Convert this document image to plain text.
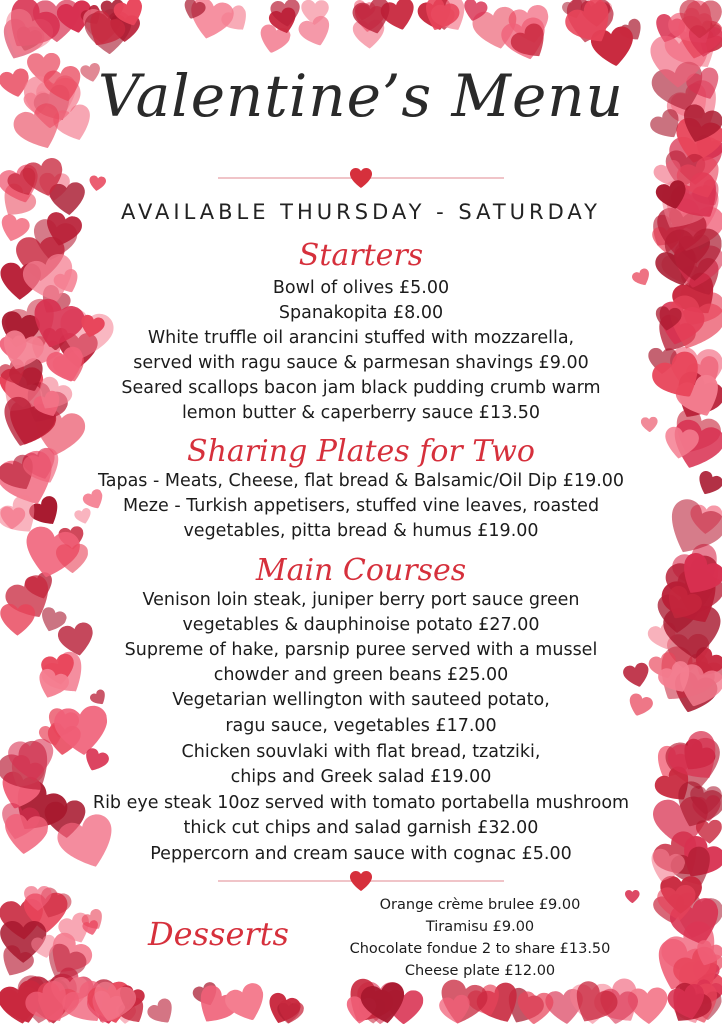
Valentine’s Menu
AVAILABLE THURSDAY - SATURDAY
Starters
Bowl of olives £5.00
Spanakopita £8.00
White truffle oil arancini stuffed with mozzarella,
served with ragu sauce & parmesan shavings £9.00
Seared scallops bacon jam black pudding crumb warm
lemon butter & caperberry sauce £13.50
Sharing Plates for Two
Tapas - Meats, Cheese, flat bread & Balsamic/Oil Dip £19.00
Meze - Turkish appetisers, stuffed vine leaves, roasted
vegetables, pitta bread & humus £19.00
Main Courses
Venison loin steak, juniper berry port sauce green
vegetables & dauphinoise potato £27.00
Supreme of hake, parsnip puree served with a mussel
chowder and green beans £25.00
Vegetarian wellington with sauteed potato,
ragu sauce, vegetables £17.00
Chicken souvlaki with flat bread, tzatziki,
chips and Greek salad £19.00
Rib eye steak 10oz served with tomato portabella mushroom
thick cut chips and salad garnish £32.00
Peppercorn and cream sauce with cognac £5.00
Desserts
Orange crème brulee £9.00
Tiramisu £9.00
Chocolate fondue 2 to share £13.50
Cheese plate £12.00
